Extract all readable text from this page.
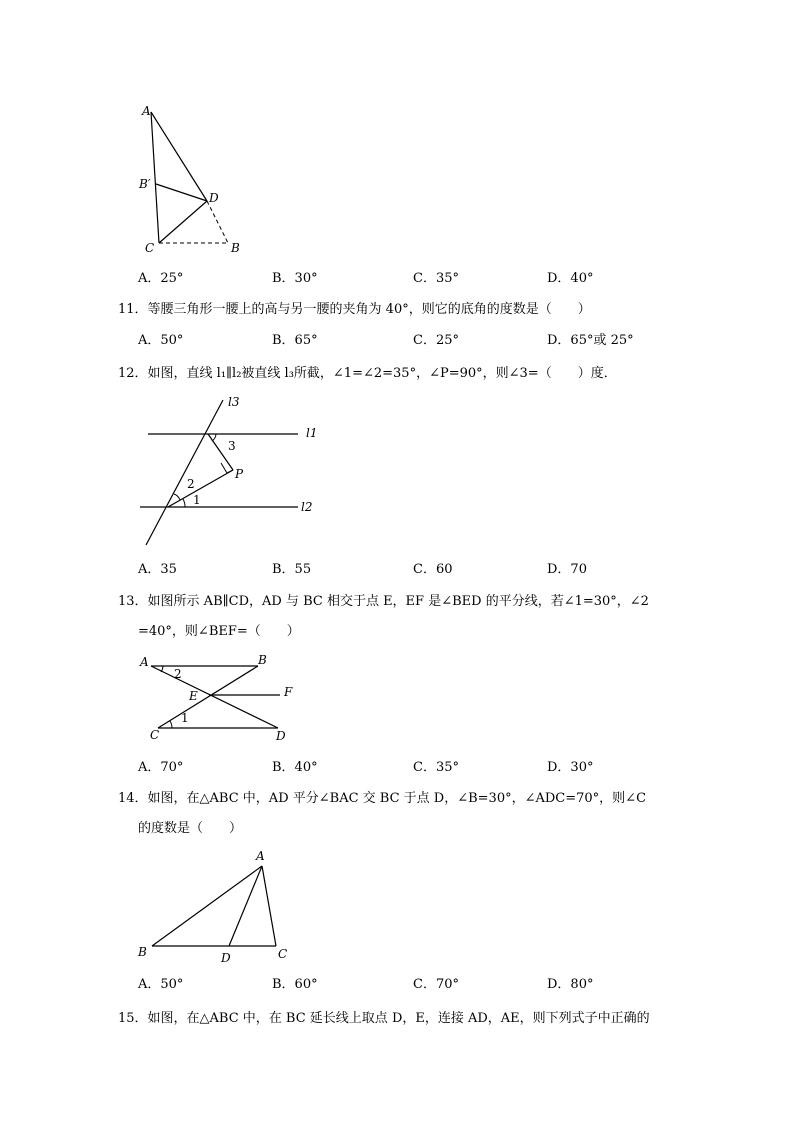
A
B′
D
C	B
A．25°	B．30°	C．35°	D．40°
11．等腰三角形一腰上的高与另一腰的夹角为 40°，则它的底角的度数是（　　）
A．50°	B．65°	C．25°	D．65°或 25°
12．如图，直线 l₁∥l₂被直线 l₃所截，∠1=∠2=35°，∠P=90°，则∠3=（　　）度．
l3
l1
l2
3
P
2
1
A．35	B．55	C．60	D．70
13．如图所示 AB∥CD，AD 与 BC 相交于点 E，EF 是∠BED 的平分线，若∠1=30°，∠2
=40°，则∠BEF=（　　）
A	B
2
E	F
1
C	D
A．70°	B．40°	C．35°	D．30°
14．如图，在△ABC 中，AD 平分∠BAC 交 BC 于点 D，∠B=30°，∠ADC=70°，则∠C
的度数是（　　）
A
B	D	C
A．50°	B．60°	C．70°	D．80°
15．如图，在△ABC 中，在 BC 延长线上取点 D，E，连接 AD，AE，则下列式子中正确的
